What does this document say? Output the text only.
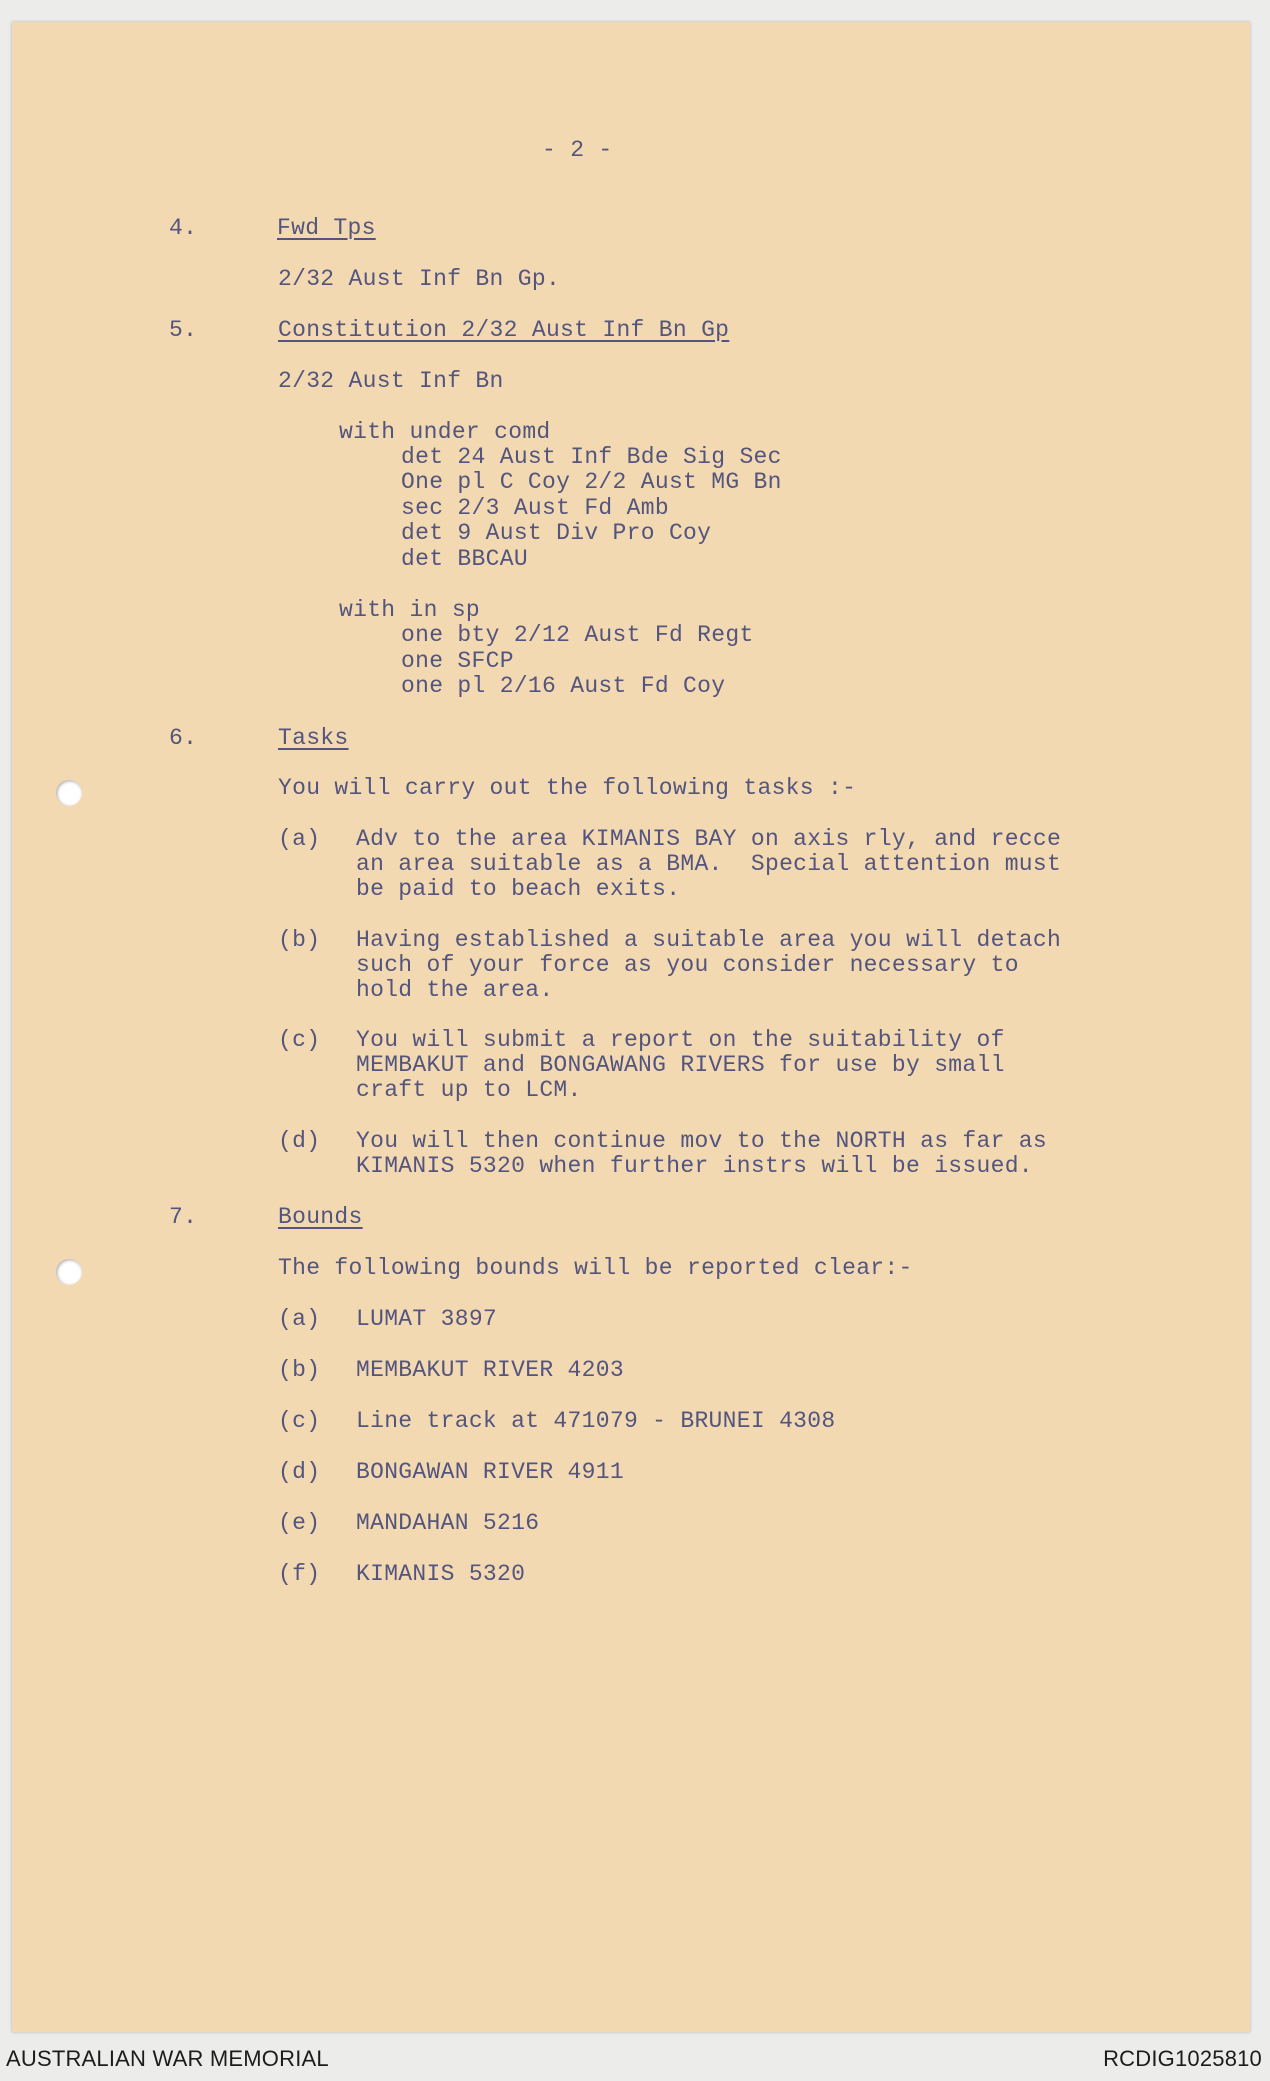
- 2 -
4.	Fwd Tps
2/32 Aust Inf Bn Gp.
5.	Constitution 2/32 Aust Inf Bn Gp
2/32 Aust Inf Bn
with under comd
det 24 Aust Inf Bde Sig Sec
One pl C Coy 2/2 Aust MG Bn
sec 2/3 Aust Fd Amb
det 9 Aust Div Pro Coy
det BBCAU
with in sp
one bty 2/12 Aust Fd Regt
one SFCP
one pl 2/16 Aust Fd Coy
6.	Tasks
You will carry out the following tasks :-
(a) Adv to the area KIMANIS BAY on axis rly, and recce
an area suitable as a BMA.  Special attention must
be paid to beach exits.
(b) Having established a suitable area you will detach
such of your force as you consider necessary to
hold the area.
(c) You will submit a report on the suitability of
MEMBAKUT and BONGAWANG RIVERS for use by small
craft up to LCM.
(d) You will then continue mov to the NORTH as far as
KIMANIS 5320 when further instrs will be issued.
7.	Bounds
The following bounds will be reported clear:-
(a) LUMAT 3897
(b) MEMBAKUT RIVER 4203
(c) Line track at 471079 - BRUNEI 4308
(d) BONGAWAN RIVER 4911
(e) MANDAHAN 5216
(f) KIMANIS 5320
AUSTRALIAN WAR MEMORIAL	RCDIG1025810
